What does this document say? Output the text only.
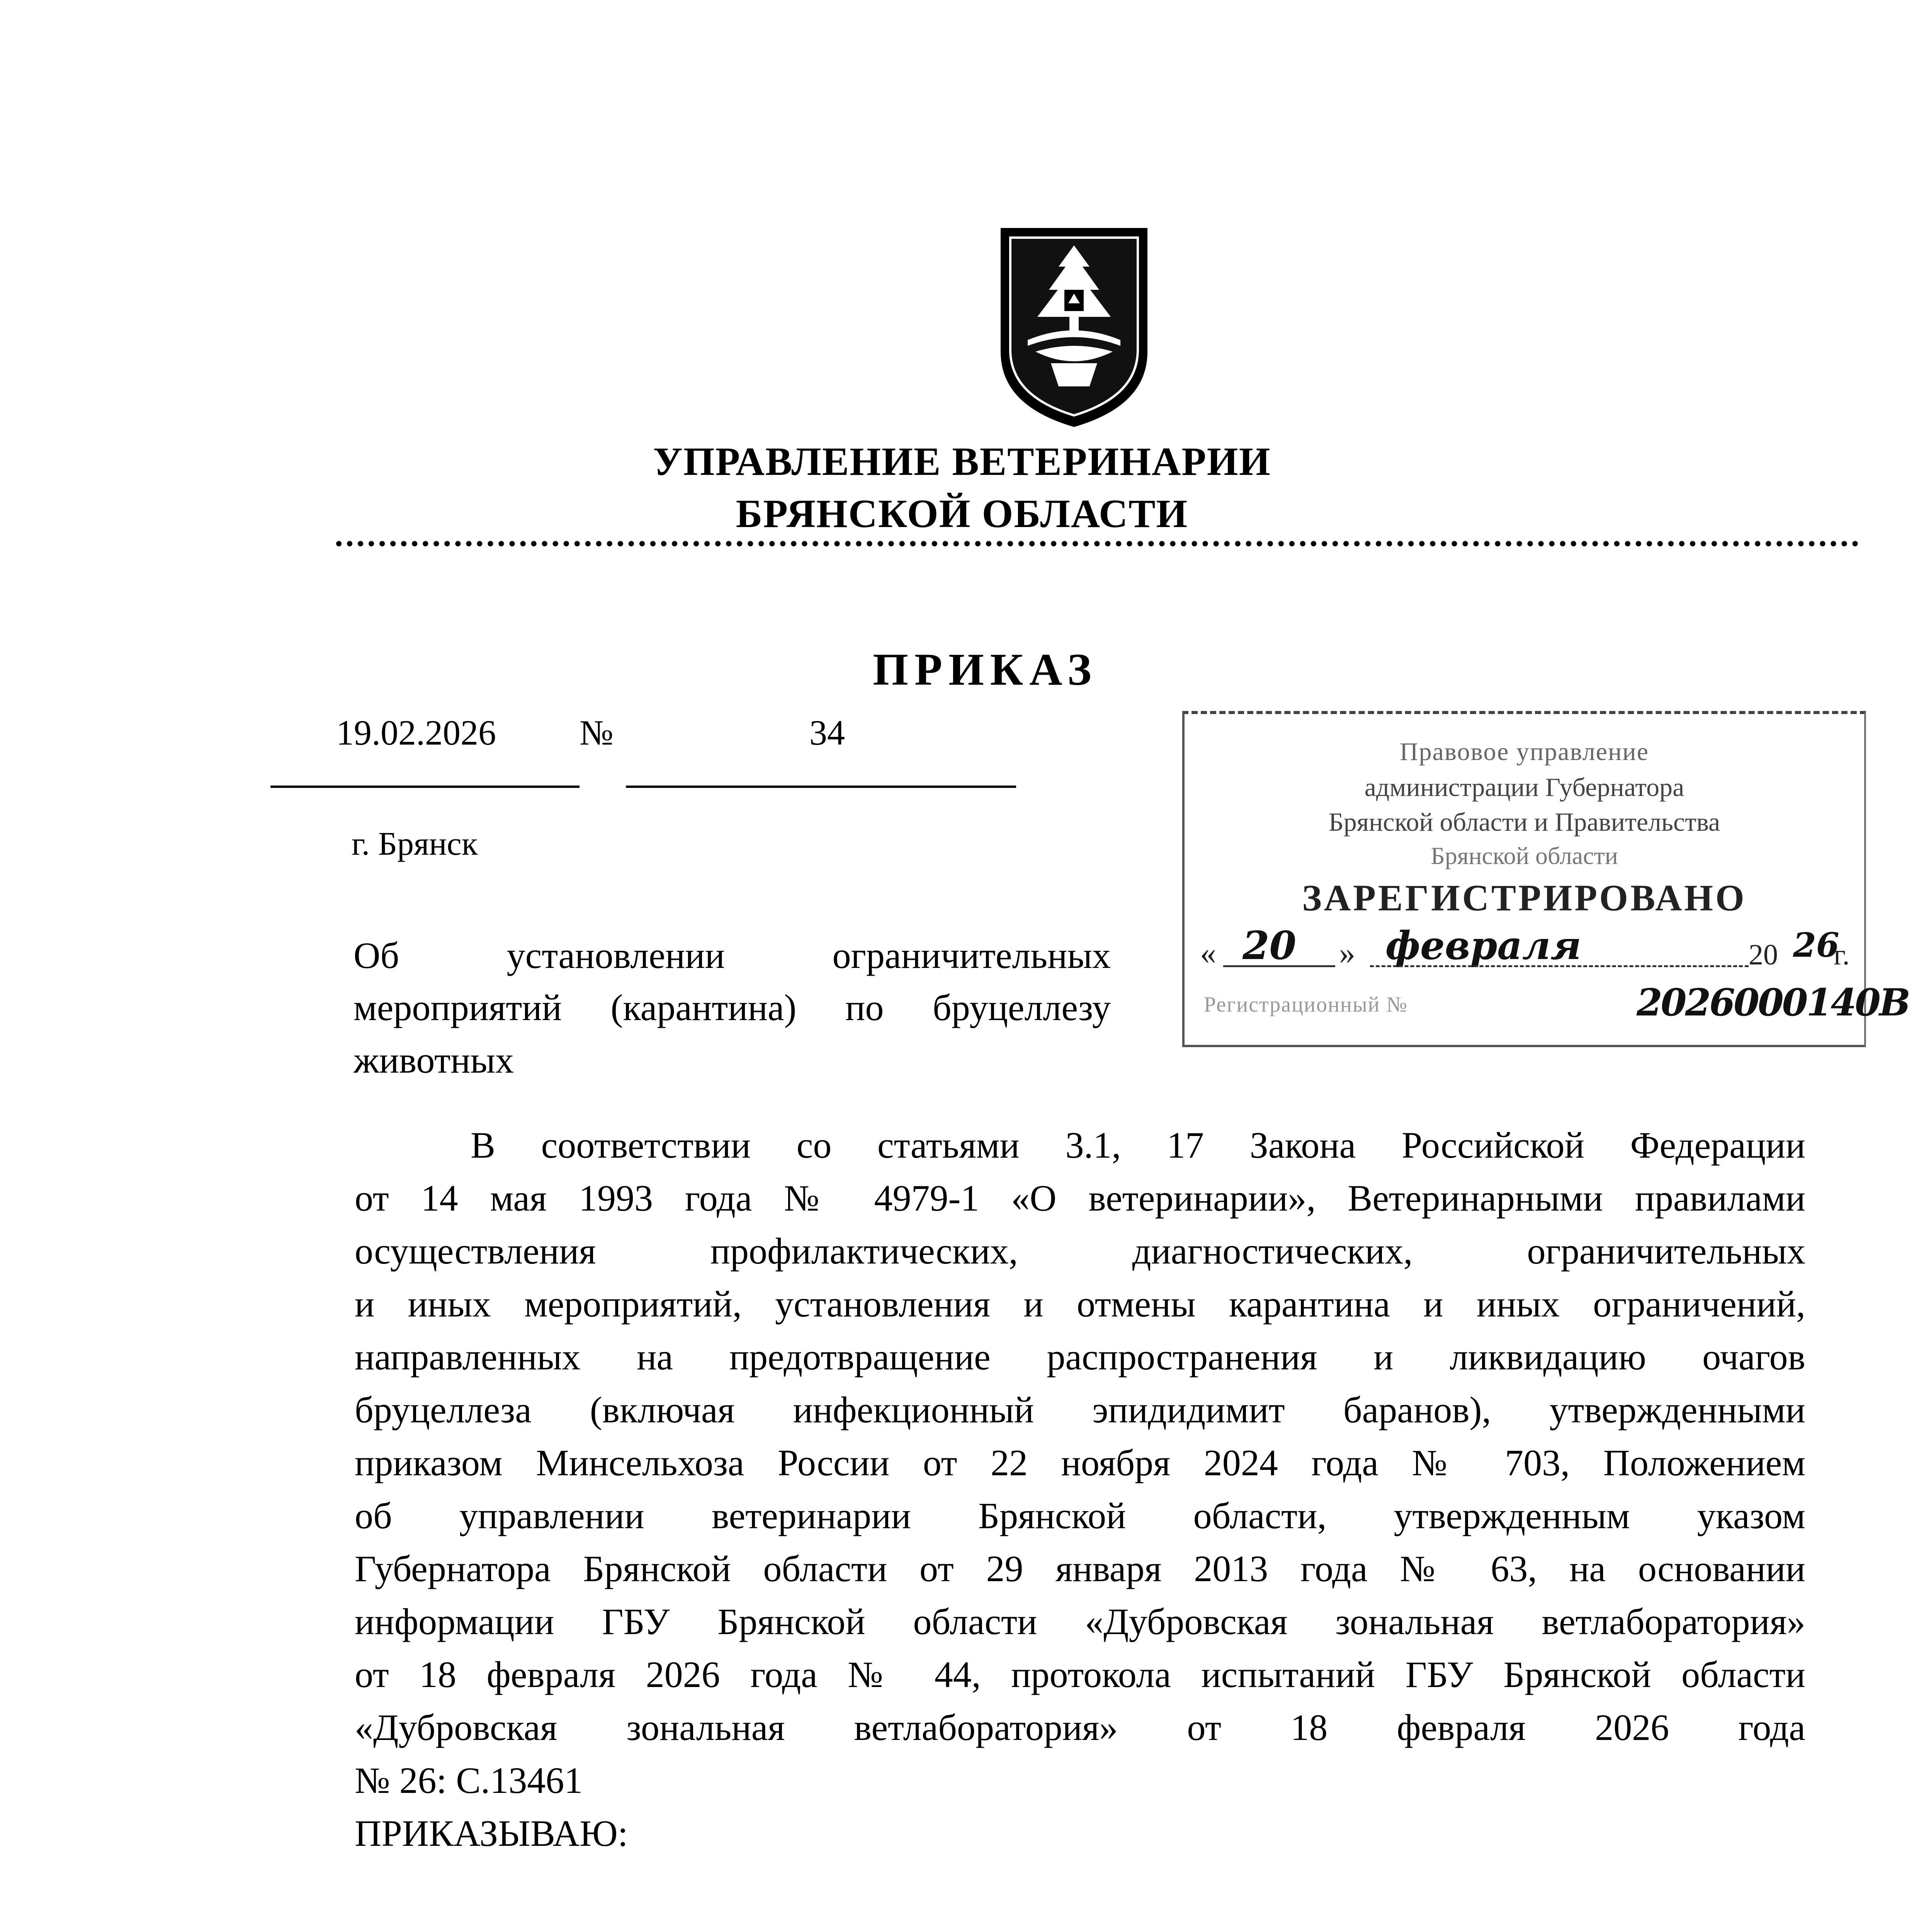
УПРАВЛЕНИЕ ВЕТЕРИНАРИИ
БРЯНСКОЙ ОБЛАСТИ
ПРИКАЗ
19.02.2026 №	34
г. Брянск
Об установлении ограничительных
мероприятий (карантина) по бруцеллезу
животных
Правовое управление
администрации Губернатора
Брянской области и Правительства
Брянской области
ЗАРЕГИСТРИРОВАНО
« 20 » февраля	20 26
г.
Регистрационный №	2026000140B
В соответствии со статьями 3.1, 17 Закона Российской Федерации
от 14 мая 1993 года № 4979-1 «О ветеринарии», Ветеринарными правилами
осуществления профилактических, диагностических, ограничительных
и иных мероприятий, установления и отмены карантина и иных ограничений,
направленных на предотвращение распространения и ликвидацию очагов
бруцеллеза (включая инфекционный эпидидимит баранов), утвержденными
приказом Минсельхоза России от 22 ноября 2024 года № 703, Положением
об управлении ветеринарии Брянской области, утвержденным указом
Губернатора Брянской области от 29 января 2013 года № 63, на основании
информации ГБУ Брянской области «Дубровская зональная ветлаборатория»
от 18 февраля 2026 года № 44, протокола испытаний ГБУ Брянской области
«Дубровская зональная ветлаборатория» от 18 февраля 2026 года
№ 26: С.13461
ПРИКАЗЫВАЮ:
